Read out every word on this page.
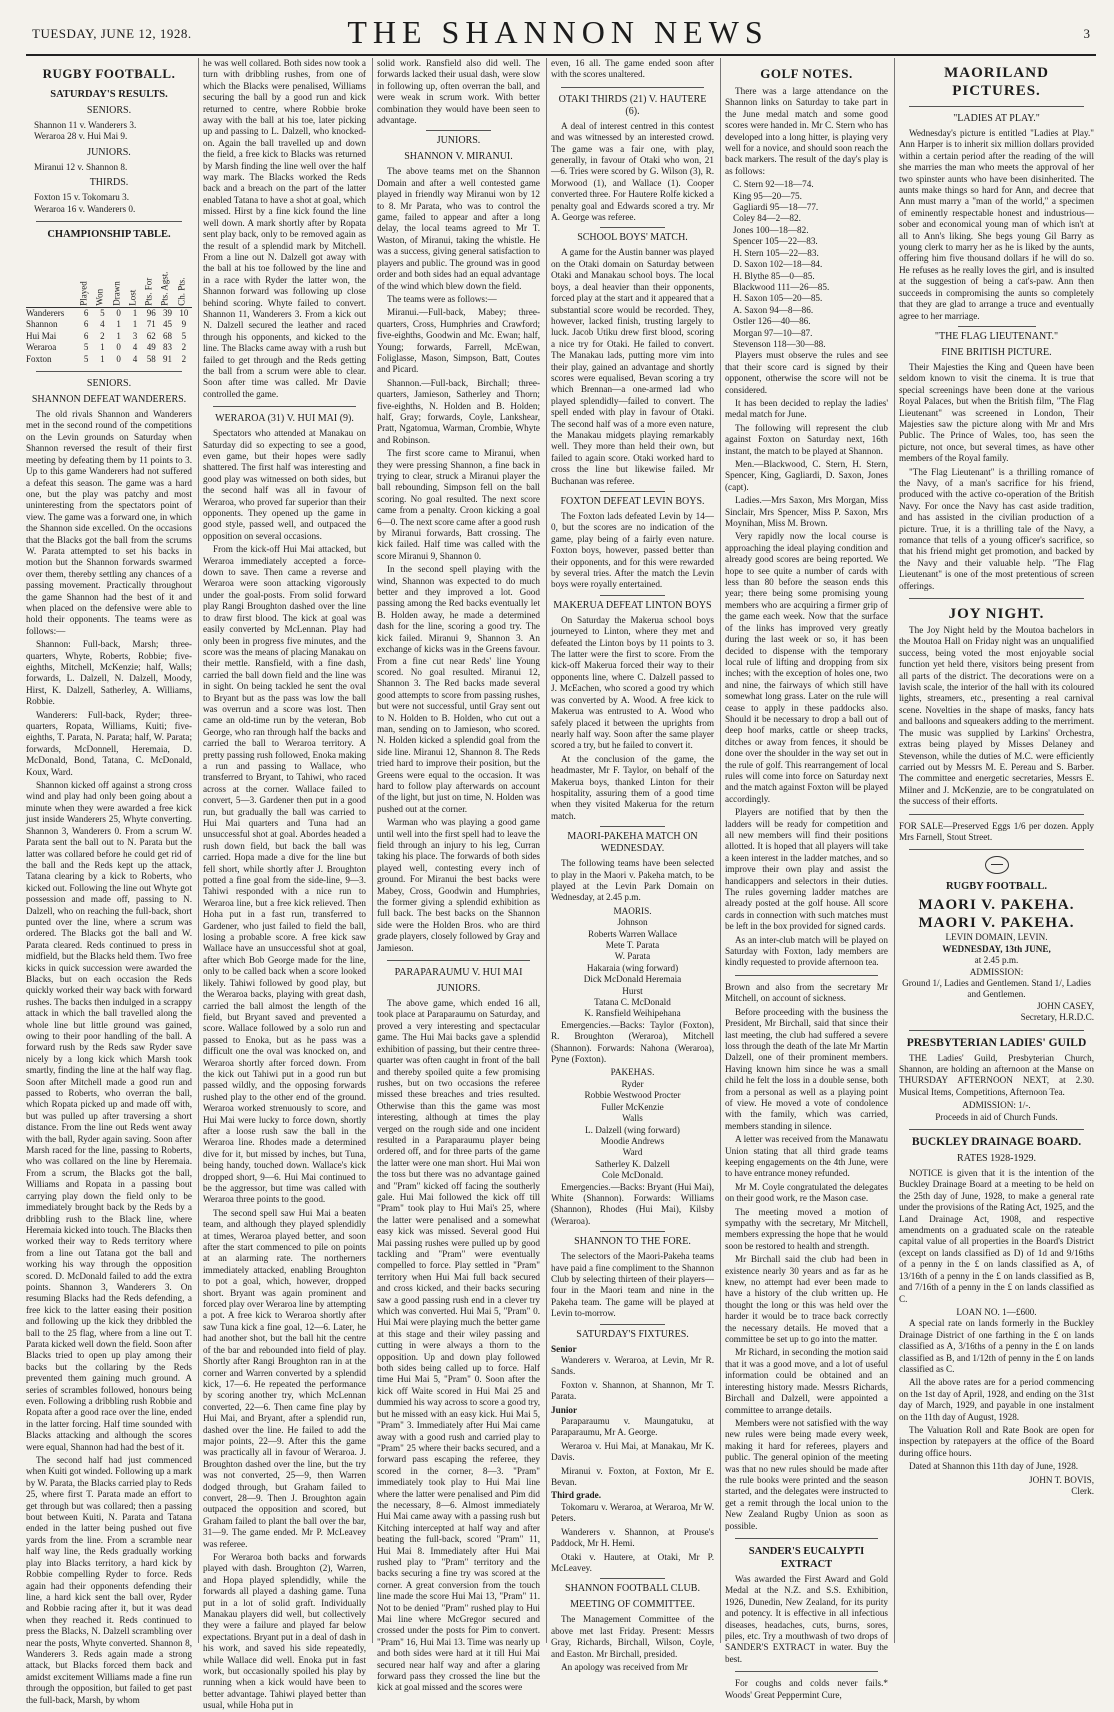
TUESDAY, JUNE 12, 1928.	THE SHANNON NEWS	3
RUGBY FOOTBALL.
SATURDAY'S RESULTS.
SENIORS.
Shannon 11 v. Wanderers 3.
Weraroa 28 v. Hui Mai 9.
JUNIORS.
Miranui 12 v. Shannon 8.
THIRDS.
Foxton 15 v. Tokomaru 3.
Weraroa 16 v. Wanderers 0.
CHAMPIONSHIP TABLE.
	Played	Won	Drawn	Lost	Pts. For	Pts. Agst.	Ch. Pts.
Wanderers	6	5	0	1	96	39	10
Shannon	6	4	1	1	71	45	9
Hui Mai	6	2	1	3	62	68	5
Weraroa	5	1	0	4	49	83	2
Foxton	5	1	0	4	58	91	2
SENIORS.
SHANNON DEFEAT WANDERERS.

The old rivals Shannon and Wanderers met in the second round of the competitions on the Levin grounds on Saturday when Shannon reversed the result of their first meeting by defeating them by 11 points to 3. Up to this game Wanderers had not suffered a defeat this season. The game was a hard one, but the play was patchy and most uninteresting from the spectators point of view. The game was a forward one, in which the Shannon side excelled. On the occasions that the Blacks got the ball from the scrums W. Parata attempted to set his backs in motion but the Shannon forwards swarmed over them, thereby settling any chances of a passing movement. Practically throughout the game Shannon had the best of it and when placed on the defensive were able to hold their opponents. The teams were as follows:—

Shannon: Full-back, Marsh; three-quarters, Whyte, Roberts, Robbie; five-eighths, Mitchell, McKenzie; half, Walls; forwards, L. Dalzell, N. Dalzell, Moody, Hirst, K. Dalzell, Satherley, A. Williams, Robbie.

Wanderers: Full-back, Ryder; three-quarters, Ropata, Williams, Kuiti; five-eighths, T. Parata, N. Parata; half, W. Parata; forwards, McDonnell, Heremaia, D. McDonald, Bond, Tatana, C. McDonald, Koux, Ward.

Shannon kicked off against a strong cross wind and play had only been going about a minute when they were awarded a free kick just inside Wanderers 25, Whyte converting. Shannon 3, Wanderers 0. From a scrum W. Parata sent the ball out to N. Parata but the latter was collared before he could get rid of the ball and the Reds kept up the attack, Tatana clearing by a kick to Roberts, who kicked out. Following the line out Whyte got possession and made off, passing to N. Dalzell, who on reaching the full-back, short punted over the line, where a scrum was ordered. The Blacks got the ball and W. Parata cleared. Reds continued to press in midfield, but the Blacks held them. Two free kicks in quick succession were awarded the Blacks, but on each occasion the Reds quickly worked their way back with forward rushes. The backs then indulged in a scrappy attack in which the ball travelled along the whole line but little ground was gained, owing to their poor handling of the ball. A forward rush by the Reds saw Ryder save nicely by a long kick which Marsh took smartly, finding the line at the half way flag. Soon after Mitchell made a good run and passed to Roberts, who overran the ball, which Ropata picked up and made off with, but was pulled up after traversing a short distance. From the line out Reds went away with the ball, Ryder again saving. Soon after Marsh raced for the line, passing to Roberts, who was collared on the line by Heremaia. From a scrum, the Blacks got the ball, Williams and Ropata in a passing bout carrying play down the field only to be immediately brought back by the Reds by a dribbling rush to the Black line, where Heremaia kicked into touch. The Blacks then worked their way to Reds territory where from a line out Tatana got the ball and working his way through the opposition scored. D. McDonald failed to add the extra points. Shannon 3, Wanderers 3. On resuming Blacks had the Reds defending, a free kick to the latter easing their position and following up the kick they dribbled the ball to the 25 flag, where from a line out T. Parata kicked well down the field. Soon after Blacks tried to open up play among their backs but the collaring by the Reds prevented them gaining much ground. A series of scrambles followed, honours being even. Following a dribbling rush Robbie and Ropata after a good race over the line, ended in the latter forcing. Half time sounded with Blacks attacking and although the scores were equal, Shannon had had the best of it.

The second half had just commenced when Kuiti got winded. Following up a mark by W. Parata, the Blacks carried play to Reds 25, where first T. Parata made an effort to get through but was collared; then a passing bout between Kuiti, N. Parata and Tatana ended in the latter being pushed out five yards from the line. From a scramble near half way line, the Reds gradually working play into Blacks territory, a hard kick by Robbie compelling Ryder to force. Reds again had their opponents defending their line, a hard kick sent the ball over, Ryder and Robbie racing after it, but it was dead when they reached it. Reds continued to press the Blacks, N. Dalzell scrambling over near the posts, Whyte converted. Shannon 8, Wanderers 3. Reds again made a strong attack, but Blacks forced them back and amidst excitement Williams made a fine run through the opposition, but failed to get past the full-back, Marsh, by whom

he was well collared. Both sides now took a turn with dribbling rushes, from one of which the Blacks were penalised, Williams securing the ball by a good run and kick returned to centre, where Robbie broke away with the ball at his toe, later picking up and passing to L. Dalzell, who knocked-on. Again the ball travelled up and down the field, a free kick to Blacks was returned by Marsh finding the line well over the half way mark. The Blacks worked the Reds back and a breach on the part of the latter enabled Tatana to have a shot at goal, which missed. Hirst by a fine kick found the line well down. A mark shortly after by Ropata sent play back, only to be removed again as the result of a splendid mark by Mitchell. From a line out N. Dalzell got away with the ball at his toe followed by the line and in a race with Ryder the latter won, the Shannon forward was following up close behind scoring. Whyte failed to convert. Shannon 11, Wanderers 3. From a kick out N. Dalzell secured the leather and raced through his opponents, and kicked to the line. The Blacks came away with a rush but failed to get through and the Reds getting the ball from a scrum were able to clear. Soon after time was called. Mr Davie controlled the game.

WERAROA (31) V. HUI MAI (9).

Spectators who attended at Manakau on Saturday did so expecting to see a good, even game, but their hopes were sadly shattered. The first half was interesting and good play was witnessed on both sides, but the second half was all in favour of Weraroa, who proved far superior than their opponents. They opened up the game in good style, passed well, and outpaced the opposition on several occasions.

From the kick-off Hui Mai attacked, but Weraroa immediately accepted a force-down to save. Then came a reverse and Weraroa were soon attacking vigorously under the goal-posts. From solid forward play Rangi Broughton dashed over the line to draw first blood. The kick at goal was easily converted by McLennan. Play had only been in progress five minutes, and the score was the means of placing Manakau on their mettle. Ransfield, with a fine dash, carried the ball down field and the line was in sight. On being tackled he sent the oval to Bryant but as the pass was low the ball was overrun and a score was lost. Then came an old-time run by the veteran, Bob George, who ran through half the backs and carried the ball to Weraroa territory. A pretty passing rush followed, Enoka making a run and passing to Wallace, who transferred to Bryant, to Tahiwi, who raced across at the corner. Wallace failed to convert, 5—3. Gardener then put in a good run, but gradually the ball was carried to Hui Mai quarters and Tuna had an unsuccessful shot at goal. Abordes headed a rush down field, but back the ball was carried. Hopa made a dive for the line but fell short, while shortly after J. Broughton potted a fine goal from the side-line, 9—3. Tahiwi responded with a nice run to Weraroa line, but a free kick relieved. Then Hoha put in a fast run, transferred to Gardener, who just failed to field the ball, losing a probable score. A free kick saw Wallace have an unsuccessful shot at goal, after which Bob George made for the line, only to be called back when a score looked likely. Tahiwi followed by good play, but the Weraroa backs, playing with great dash, carried the ball almost the length of the field, but Bryant saved and prevented a score. Wallace followed by a solo run and passed to Enoka, but as he pass was a difficult one the oval was knocked on, and Weraroa shortly after forced down. From the kick out Tahiwi put in a good run but passed wildly, and the opposing forwards rushed play to the other end of the ground. Weraroa worked strenuously to score, and Hui Mai were lucky to force down, shortly after a loose rush saw the ball in the Weraroa line. Rhodes made a determined dive for it, but missed by inches, but Tuna, being handy, touched down. Wallace's kick dropped short, 9—6. Hui Mai continued to be the aggressor, but time was called with Weraroa three points to the good.

The second spell saw Hui Mai a beaten team, and although they played splendidly at times, Weraroa played better, and soon after the start commenced to pile on points at an alarming rate. The northerners immediately attacked, enabling Broughton to pot a goal, which, however, dropped short. Bryant was again prominent and forced play over Weraroa line by attempting a pot. A free kick to Weraroa shortly after saw Tuna kick a fine goal, 12—6. Later, he had another shot, but the ball hit the centre of the bar and rebounded into field of play. Shortly after Rangi Broughton ran in at the corner and Warren converted by a splendid kick, 17—6. He repeated the performance by scoring another try, which McLennan converted, 22—6. Then came fine play by Hui Mai, and Bryant, after a splendid run, dashed over the line. He failed to add the major points, 22—9. After this the game was practically all in favour of Weraroa. J. Broughton dashed over the line, but the try was not converted, 25—9, then Warren dodged through, but Graham failed to convert, 28—9. Then J. Broughton again outpaced the opposition and scored, but Graham failed to plant the ball over the bar, 31—9. The game ended. Mr P. McLeavey was referee.

For Weraroa both backs and forwards played with dash. Broughton (2), Warren, and Hopa played splendidly, while the forwards all played a dashing game. Tuna put in a lot of solid graft. Individually Manakau players did well, but collectively they were a failure and played far below expectations. Bryant put in a deal of dash in his work, and saved his side repeatedly, while Wallace did well. Enoka put in fast work, but occasionally spoiled his play by running when a kick would have been to better advantage. Tahiwi played better than usual, while Hoha put in

solid work. Ransfield also did well. The forwards lacked their usual dash, were slow in following up, often overran the ball, and were weak in scrum work. With better combination they would have been seen to advantage.

JUNIORS.
SHANNON V. MIRANUI.

The above teams met on the Shannon Domain and after a well contested game played in friendly way Miranui won by 12 to 8. Mr Parata, who was to control the game, failed to appear and after a long delay, the local teams agreed to Mr T. Waston, of Miranui, taking the whistle. He was a success, giving general satisfaction to players and public. The ground was in good order and both sides had an equal advantage of the wind which blew down the field.

The teams were as follows:—

Miranui.—Full-back, Mabey; three-quarters, Cross, Humphries and Crawford; five-eighths, Goodwin and Mc. Ewan; half, Young; forwards, Farrell, McEwan, Foliglasse, Mason, Simpson, Batt, Coutes and Picard.

Shannon.—Full-back, Birchall; three-quarters, Jamieson, Satherley and Thorn; five-eighths, N. Holden and B. Holden; half, Gray; forwards, Coyle, Lankshear, Pratt, Ngatomua, Warman, Crombie, Whyte and Robinson.

The first score came to Miranui, when they were pressing Shannon, a fine back in trying to clear, struck a Miranui player the ball rebounding, Simpson fell on the ball scoring. No goal resulted. The next score came from a penalty. Croon kicking a goal 6—0. The next score came after a good rush by Miranui forwards, Batt crossing. The kick failed. Half time was called with the score Miranui 9, Shannon 0.

In the second spell playing with the wind, Shannon was expected to do much better and they improved a lot. Good passing among the Red backs eventually let B. Holden away, he made a determined dash for the line, scoring a good try. The kick failed. Miranui 9, Shannon 3. An exchange of kicks was in the Greens favour. From a fine cut near Reds' line Young scored. No goal resulted. Miranui 12, Shannon 3. The Red backs made several good attempts to score from passing rushes, but were not successful, until Gray sent out to N. Holden to B. Holden, who cut out a man, sending on to Jamieson, who scored. N. Holden kicked a splendid goal from the side line. Miranui 12, Shannon 8. The Reds tried hard to improve their position, but the Greens were equal to the occasion. It was hard to follow play afterwards on account of the light, but just on time, N. Holden was pushed out at the corner.

Warman who was playing a good game until well into the first spell had to leave the field through an injury to his leg, Curran taking his place. The forwards of both sides played well, contesting every inch of ground. For Miranui the best backs were Mabey, Cross, Goodwin and Humphries, the former giving a splendid exhibition as full back. The best backs on the Shannon side were the Holden Bros. who are third grade players, closely followed by Gray and Jamieson.

PARAPARAUMU V. HUI MAI
JUNIORS.

The above game, which ended 16 all, took place at Paraparaumu on Saturday, and proved a very interesting and spectacular game. The Hui Mai backs gave a splendid exhibition of passing, but their centre three-quarter was often caught in front of the ball and thereby spoiled quite a few promising rushes, but on two occasions the referee missed these breaches and tries resulted. Otherwise than this the game was most interesting, although at times the play verged on the rough side and one incident resulted in a Paraparaumu player being ordered off, and for three parts of the game the latter were one man short. Hui Mai won the toss but there was no advantage gained and "Pram" kicked off facing the southerly gale. Hui Mai followed the kick off till "Pram" took play to Hui Mai's 25, where the latter were penalised and a somewhat easy kick was missed. Several good Hui Mai passing rushes were pulled up by good tackling and "Pram" were eventually compelled to force. Play settled in "Pram" territory when Hui Mai full back secured and cross kicked, and their backs securing saw a good passing rush end in a clever try which was converted. Hui Mai 5, "Pram" 0. Hui Mai were playing much the better game at this stage and their wiley passing and cutting in were always a thorn to the opposition. Up and down play followed both sides being called up to force. Half time Hui Mai 5, "Pram" 0. Soon after the kick off Waite scored in Hui Mai 25 and dummied his way across to score a good try, but he missed with an easy kick. Hui Mai 5, "Pram" 3. Immediately after Hui Mai came away with a good rush and carried play to "Pram" 25 where their backs secured, and a forward pass escaping the referee, they scored in the corner, 8—3. "Pram" immediately took play to Hui Mai line where the latter were penalised and Pim did the necessary, 8—6. Almost immediately Hui Mai came away with a passing rush but Kitching intercepted at half way and after beating the full-back, scored "Pram" 11, Hui Mai 8. Immediately after Hui Mai rushed play to "Pram" territory and the backs securing a fine try was scored at the corner. A great conversion from the touch line made the score Hui Mai 13, "Pram" 11. Not to be denied "Pram" rushed play to Hui Mai line where McGregor secured and crossed under the posts for Pim to convert. "Pram" 16, Hui Mai 13. Time was nearly up and both sides were hard at it till Hui Mai secured near half way and after a glaring forward pass they crossed the line but the kick at goal missed and the scores were

even, 16 all. The game ended soon after with the scores unaltered.

OTAKI THIRDS (21) V. HAUTERE (6).

A deal of interest centred in this contest and was witnessed by an interested crowd. The game was a fair one, with play, generally, in favour of Otaki who won, 21—6. Tries were scored by G. Wilson (3), R. Morwood (1), and Wallace (1). Cooper converted three. For Hautere Rolfe kicked a penalty goal and Edwards scored a try. Mr A. George was referee.

SCHOOL BOYS' MATCH.

A game for the Austin banner was played on the Otaki domain on Saturday between Otaki and Manakau school boys. The local boys, a deal heavier than their opponents, forced play at the start and it appeared that a substantial score would be recorded. They, however, lacked finish, trusting largely to luck. Jacob Utiku drew first blood, scoring a nice try for Otaki. He failed to convert. The Manakau lads, putting more vim into their play, gained an advantage and shortly scores were equalised, Bevan scoring a try which Brennan—a one-armed lad who played splendidly—failed to convert. The spell ended with play in favour of Otaki. The second half was of a more even nature, the Manakau midgets playing remarkably well. They more than held their own, but failed to again score. Otaki worked hard to cross the line but likewise failed. Mr Buchanan was referee.

FOXTON DEFEAT LEVIN BOYS.

The Foxton lads defeated Levin by 14—0, but the scores are no indication of the game, play being of a fairly even nature. Foxton boys, however, passed better than their opponents, and for this were rewarded by several tries. After the match the Levin boys were royally entertained.

MAKERUA DEFEAT LINTON BOYS

On Saturday the Makerua school boys journeyed to Linton, where they met and defeated the Linton boys by 11 points to 3. The latter were the first to score. From the kick-off Makerua forced their way to their opponents line, where C. Dalzell passed to J. McEachen, who scored a good try which was converted by A. Wood. A free kick to Makerua was entrusted to A. Wood who safely placed it between the uprights from nearly half way. Soon after the same player scored a try, but he failed to convert it.

At the conclusion of the game, the headmaster, Mr F. Taylor, on behalf of the Makerua boys, thanked Linton for their hospitality, assuring them of a good time when they visited Makerua for the return match.

MAORI-PAKEHA MATCH ON WEDNESDAY.

The following teams have been selected to play in the Maori v. Pakeha match, to be played at the Levin Park Domain on Wednesday, at 2.45 p.m.

MAORIS.
Johnson
Roberts Warren Wallace
Mete T. Parata
W. Parata
Hakaraia (wing forward)
Dick McDonald Heremaia
Hurst
Tatana C. McDonald
K. Ransfield Weihipehana

Emergencies.—Backs: Taylor (Foxton), R. Broughton (Weraroa), Mitchell (Shannon). Forwards: Nahona (Weraroa), Pyne (Foxton).

PAKEHAS.
Ryder
Robbie Westwood Procter
Fuller McKenzie
Walls
L. Dalzell (wing forward)
Moodie Andrews
Ward
Satherley K. Dalzell
Cole McDonald.

Emergencies.—Backs: Bryant (Hui Mai), White (Shannon). Forwards: Williams (Shannon), Rhodes (Hui Mai), Kilsby (Weraroa).

SHANNON TO THE FORE.

The selectors of the Maori-Pakeha teams have paid a fine compliment to the Shannon Club by selecting thirteen of their players—four in the Maori team and nine in the Pakeha team. The game will be played at Levin to-morrow.

SATURDAY'S FIXTURES.
Senior

Wanderers v. Weraroa, at Levin, Mr R. Sands.

Foxton v. Shannon, at Shannon, Mr T. Parata.

Junior

Paraparaumu v. Maungatuku, at Paraparaumu, Mr A. George.

Weraroa v. Hui Mai, at Manakau, Mr K. Davis.

Miranui v. Foxton, at Foxton, Mr E. Bevan.

Third grade.

Tokomaru v. Weraroa, at Weraroa, Mr W. Peters.

Wanderers v. Shannon, at Prouse's Paddock, Mr H. Hemi.

Otaki v. Hautere, at Otaki, Mr P. McLeavey.

SHANNON FOOTBALL CLUB.
MEETING OF COMMITTEE.

The Management Committee of the above met last Friday. Present: Messrs Gray, Richards, Birchall, Wilson, Coyle, and Easton. Mr Birchall, presided.

An apology was received from Mr

GOLF NOTES.

There was a large attendance on the Shannon links on Saturday to take part in the June medal match and some good scores were handed in. Mr C. Stern who has developed into a long hitter, is playing very well for a novice, and should soon reach the back markers. The result of the day's play is as follows:

C. Stern 92—18—74.
King 95—20—75.
Gagliardi 95—18—77.
Coley 84—2—82.
Jones 100—18—82.
Spencer 105—22—83.
H. Stern 105—22—83.
D. Saxon 102—18—84.
H. Blythe 85—0—85.
Blackwood 111—26—85.
H. Saxon 105—20—85.
A. Saxon 94—8—86.
Ostler 126—40—86.
Morgan 97—10—87.
Stevenson 118—30—88.

Players must observe the rules and see that their score card is signed by their opponent, otherwise the score will not be considered.

It has been decided to replay the ladies' medal match for June.

The following will represent the club against Foxton on Saturday next, 16th instant, the match to be played at Shannon.

Men.—Blackwood, C. Stern, H. Stern, Spencer, King, Gagliardi, D. Saxon, Jones (capt).

Ladies.—Mrs Saxon, Mrs Morgan, Miss Sinclair, Mrs Spencer, Miss P. Saxon, Mrs Moynihan, Miss M. Brown.

Very rapidly now the local course is approaching the ideal playing condition and already good scores are being reported. We hope to see quite a number of cards with less than 80 before the season ends this year; there being some promising young members who are acquiring a firmer grip of the game each week. Now that the surface of the links has improved very greatly during the last week or so, it has been decided to dispense with the temporary local rule of lifting and dropping from six inches; with the exception of holes one, two and nine, the fairways of which still have somewhat long grass. Later on the rule will cease to apply in these paddocks also. Should it be necessary to drop a ball out of deep hoof marks, cattle or sheep tracks, ditches or away from fences, it should be done over the shoulder in the way set out in the rule of golf. This rearrangement of local rules will come into force on Saturday next and the match against Foxton will be played accordingly.

Players are notified that by then the ladders will be ready for competition and all new members will find their positions allotted. It is hoped that all players will take a keen interest in the ladder matches, and so improve their own play and assist the handicappers and selectors in their duties. The rules governing ladder matches are already posted at the golf house. All score cards in connection with such matches must be left in the box provided for signed cards.

As an inter-club match will be played on Saturday with Foxton, lady members are kindly requested to provide afternoon tea.

Brown and also from the secretary Mr Mitchell, on account of sickness.

Before proceeding with the business the President, Mr Birchall, said that since their last meeting, the club had suffered a severe loss through the death of the late Mr Martin Dalzell, one of their prominent members. Having known him since he was a small child he felt the loss in a double sense, both from a personal as well as a playing point of view. He moved a vote of condolence with the family, which was carried, members standing in silence.

A letter was received from the Manawatu Union stating that all third grade teams keeping engagements on the 4th June, were to have entrance money refunded.

Mr M. Coyle congratulated the delegates on their good work, re the Mason case.

The meeting moved a motion of sympathy with the secretary, Mr Mitchell, members expressing the hope that he would soon be restored to health and strength.

Mr Birchall said the club had been in existence nearly 30 years and as far as he knew, no attempt had ever been made to have a history of the club written up. He thought the long or this was held over the harder it would be to trace back correctly the necessary details. He moved that a committee be set up to go into the matter.

Mr Richard, in seconding the motion said that it was a good move, and a lot of useful information could be obtained and an interesting history made. Messrs Richards, Birchall and Dalzell, were appointed a committee to arrange details.

Members were not satisfied with the way new rules were being made every week, making it hard for referees, players and public. The general opinion of the meeting was that no new rules should be made after the rule books were printed and the season started, and the delegates were instructed to get a remit through the local union to the New Zealand Rugby Union as soon as possible.

SANDER'S EUCALYPTI EXTRACT

Was awarded the First Award and Gold Medal at the N.Z. and S.S. Exhibition, 1926, Dunedin, New Zealand, for its purity and potency. It is effective in all infectious diseases, headaches, cuts, burns, sores, piles, etc. Try a mouthwash of two drops of SANDER'S EXTRACT in water. Buy the best.

For coughs and colds never fails.* Woods' Great Peppermint Cure,

MAORILAND PICTURES.
"LADIES AT PLAY."

Wednesday's picture is entitled "Ladies at Play." Ann Harper is to inherit six million dollars provided within a certain period after the reading of the will she marries the man who meets the approval of her two spinster aunts who have been disinherited. The aunts make things so hard for Ann, and decree that Ann must marry a "man of the world," a specimen of eminently respectable honest and industrious—sober and economical young man of which isn't at all to Ann's liking. She begs young Gil Barry as young clerk to marry her as he is liked by the aunts, offering him five thousand dollars if he will do so. He refuses as he really loves the girl, and is insulted at the suggestion of being a cat's-paw. Ann then succeeds in compromising the aunts so completely that they are glad to arrange a truce and eventually agree to her marriage.

"THE FLAG LIEUTENANT."
FINE BRITISH PICTURE.

Their Majesties the King and Queen have been seldom known to visit the cinema. It is true that special screenings have been done at the various Royal Palaces, but when the British film, "The Flag Lieutenant" was screened in London, Their Majesties saw the picture along with Mr and Mrs Public. The Prince of Wales, too, has seen the picture, not once, but several times, as have other members of the Royal family.

"The Flag Lieutenant" is a thrilling romance of the Navy, of a man's sacrifice for his friend, produced with the active co-operation of the British Navy. For once the Navy has cast aside tradition, and has assisted in the civilian production of a picture. True, it is a thrilling tale of the Navy, a romance that tells of a young officer's sacrifice, so that his friend might get promotion, and backed by the Navy and their valuable help. "The Flag Lieutenant" is one of the most pretentious of screen offerings.

JOY NIGHT.

The Joy Night held by the Moutoa bachelors in the Moutoa Hall on Friday night was an unqualified success, being voted the most enjoyable social function yet held there, visitors being present from all parts of the district. The decorations were on a lavish scale, the interior of the hall with its coloured lights, streamers, etc., presenting a real carnival scene. Novelties in the shape of masks, fancy hats and balloons and squeakers adding to the merriment. The music was supplied by Larkins' Orchestra, extras being played by Misses Delaney and Stevenson, while the duties of M.C. were efficiently carried out by Messrs M. E. Pereau and S. Barber. The committee and energetic secretaries, Messrs E. Milner and J. McKenzie, are to be congratulated on the success of their efforts.

FOR SALE—Preserved Eggs 1/6 per dozen. Apply Mrs Farnell, Stout Street.

RUGBY FOOTBALL.
MAORI V. PAKEHA.
MAORI V. PAKEHA.
LEVIN DOMAIN, LEVIN.
WEDNESDAY, 13th JUNE,
at 2.45 p.m.
ADMISSION:
Ground 1/, Ladies and Gentlemen. Stand 1/, Ladies and Gentlemen.
JOHN CASEY,
Secretary, H.R.D.C.
PRESBYTERIAN LADIES' GUILD

THE Ladies' Guild, Presbyterian Church, Shannon, are holding an afternoon at the Manse on THURSDAY AFTERNOON NEXT, at 2.30. Musical Items, Competitions, Afternoon Tea.

ADMISSION: 1/-.
Proceeds in aid of Church Funds.
BUCKLEY DRAINAGE BOARD.
RATES 1928-1929.

NOTICE is given that it is the intention of the Buckley Drainage Board at a meeting to be held on the 25th day of June, 1928, to make a general rate under the provisions of the Rating Act, 1925, and the Land Drainage Act, 1908, and respective amendments on a graduated scale on the rateable capital value of all properties in the Board's District (except on lands classified as D) of 1d and 9/16ths of a penny in the £ on lands classified as A, of 13/16th of a penny in the £ on lands classified as B, and 7/16th of a penny in the £ on lands classified as C.

LOAN NO. 1—£600.

A special rate on lands formerly in the Buckley Drainage District of one farthing in the £ on lands classified as A, 3/16ths of a penny in the £ on lands classified as B, and 1/12th of penny in the £ on lands classified as C.

All the above rates are for a period commencing on the 1st day of April, 1928, and ending on the 31st day of March, 1929, and payable in one instalment on the 11th day of August, 1928.

The Valuation Roll and Rate Book are open for inspection by ratepayers at the office of the Board during office hours.

Dated at Shannon this 11th day of June, 1928.

JOHN T. BOVIS,
Clerk.
